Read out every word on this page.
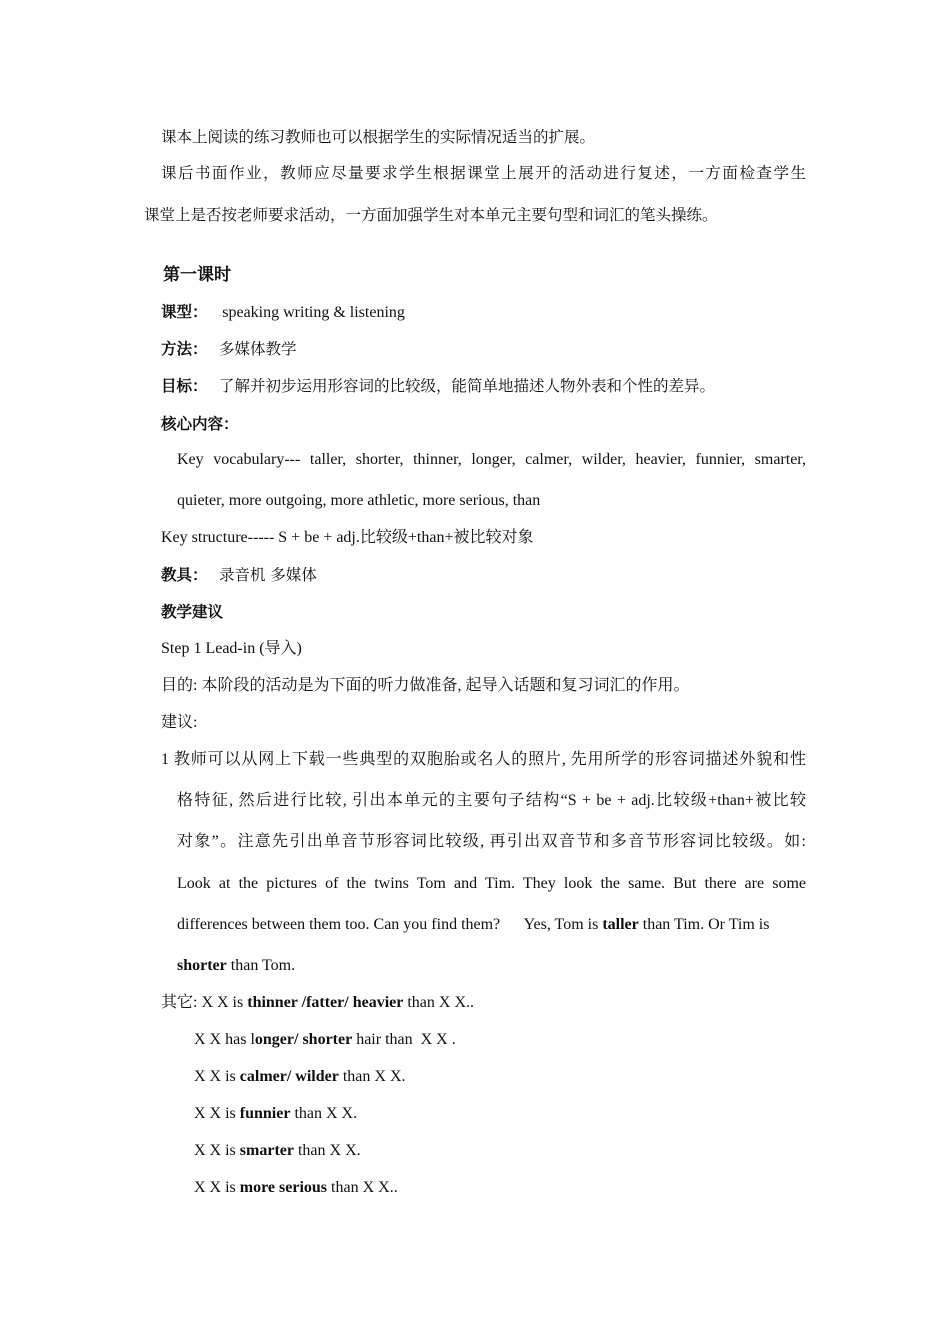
课本上阅读的练习教师也可以根据学生的实际情况适当的扩展。
课后书面作业，教师应尽量要求学生根据课堂上展开的活动进行复述，一方面检查学生
课堂上是否按老师要求活动，一方面加强学生对本单元主要句型和词汇的笔头操练。
第一课时
课型： .speaking writing & listening
方法： 多媒体教学
目标： 了解并初步运用形容词的比较级，能简单地描述人物外表和个性的差异。
核心内容：
Key vocabulary--- taller, shorter, thinner, longer, calmer, wilder, heavier, funnier, smarter,
quieter, more outgoing, more athletic, more serious, than
Key structure----- S + be + adj.比较级+than+被比较对象
教具： 录音机 多媒体
教学建议
Step 1 Lead-in (导入)
目的: 本阶段的活动是为下面的听力做准备, 起导入话题和复习词汇的作用。
建议:
1 教师可以从网上下载一些典型的双胞胎或名人的照片, 先用所学的形容词描述外貌和性
格特征, 然后进行比较, 引出本单元的主要句子结构“S + be + adj.比较级+than+被比较
对象”。注意先引出单音节形容词比较级, 再引出双音节和多音节形容词比较级。如:
Look at the pictures of the twins Tom and Tim. They look the same. But there are some
differences between them too. Can you find them?      Yes, Tom is taller than Tim. Or Tim is
shorter than Tom.
其它: X X is thinner /fatter/ heavier than X X..
X X has longer/ shorter hair than  X X .
X X is calmer/ wilder than X X.
X X is funnier than X X.
X X is smarter than X X.
X X is more serious than X X..
